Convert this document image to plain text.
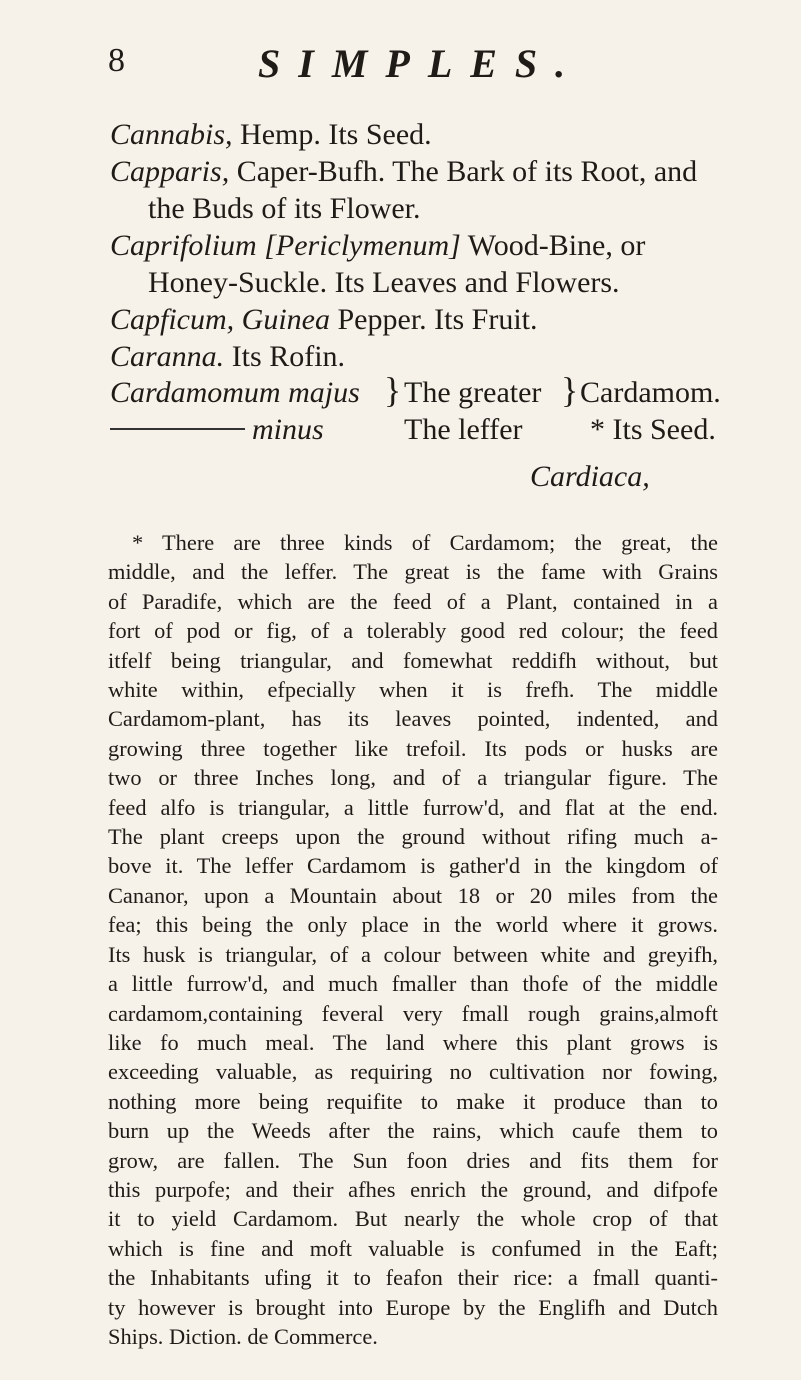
8	SIMPLES.

Cannabis, Hemp. Its Seed.

Capparis, Caper-Bufh. The Bark of its Root, and the Buds of its Flower.

Caprifolium [Periclymenum] Wood-Bine, or Honey-Suckle. Its Leaves and Flowers.

Capficum, Guinea Pepper. Its Fruit.

Caranna. Its Rofin.

Cardamomum majus } The greater } Cardamom.
minus	The leffer * Its Seed.
Cardiaca,
* There are three kinds of Cardamom; the great, the
middle, and the leffer. The great is the fame with Grains
of Paradife, which are the feed of a Plant, contained in a
fort of pod or fig, of a tolerably good red colour; the feed
itfelf being triangular, and fomewhat reddifh without, but
white within, efpecially when it is frefh. The middle
Cardamom-plant, has its leaves pointed, indented, and
growing three together like trefoil. Its pods or husks are
two or three Inches long, and of a triangular figure. The
feed alfo is triangular, a little furrow'd, and flat at the end.
The plant creeps upon the ground without rifing much a-
bove it. The leffer Cardamom is gather'd in the kingdom of
Cananor, upon a Mountain about 18 or 20 miles from the
fea; this being the only place in the world where it grows.
Its husk is triangular, of a colour between white and greyifh,
a little furrow'd, and much fmaller than thofe of the middle
cardamom,containing feveral very fmall rough grains,almoft
like fo much meal. The land where this plant grows is
exceeding valuable, as requiring no cultivation nor fowing,
nothing more being requifite to make it produce than to
burn up the Weeds after the rains, which caufe them to
grow, are fallen. The Sun foon dries and fits them for
this purpofe; and their afhes enrich the ground, and difpofe
it to yield Cardamom. But nearly the whole crop of that
which is fine and moft valuable is confumed in the Eaft;
the Inhabitants ufing it to feafon their rice: a fmall quanti-
ty however is brought into Europe by the Englifh and Dutch
Ships. Diction. de Commerce.
